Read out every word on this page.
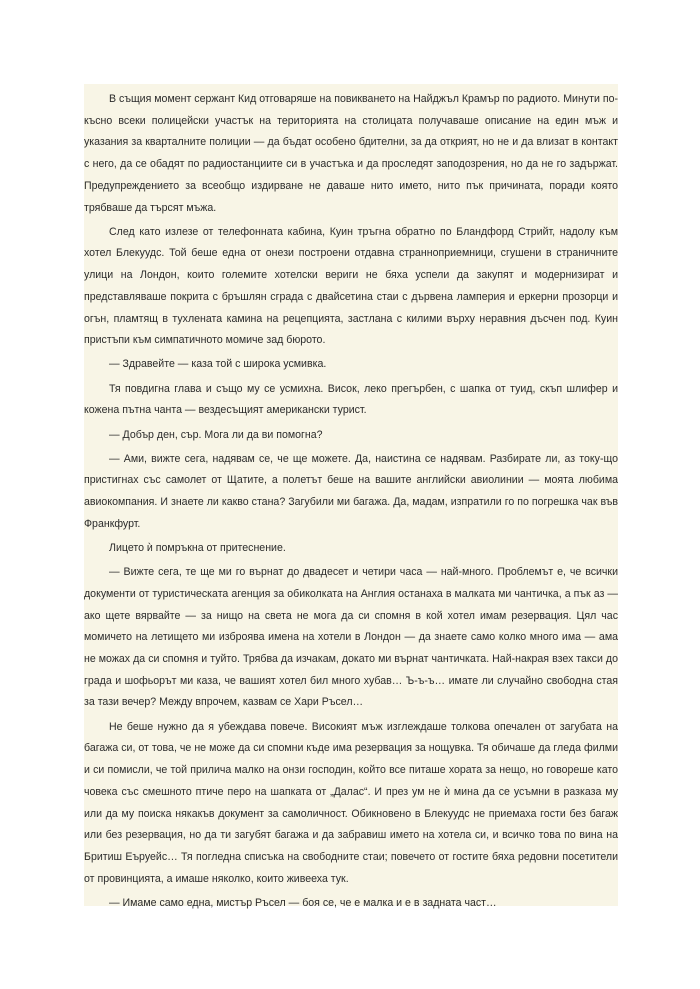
В същия момент сержант Кид отговаряше на повикването на Найджъл Крамър по радиото. Минути по-късно всеки полицейски участък на територията на столицата получаваше описание на един мъж и указания за кварталните полиции — да бъдат особено бдителни, за да открият, но не и да влизат в контакт с него, да се обадят по радиостанциите си в участъка и да проследят заподозрения, но да не го задържат. Предупреждението за всеобщо издирване не даваше нито името, нито пък причината, поради която трябваше да търсят мъжа.

След като излезе от телефонната кабина, Куин тръгна обратно по Бландфорд Стрийт, надолу към хотел Блекуудс. Той беше една от онези построени отдавна странноприемници, сгушени в страничните улици на Лондон, които големите хотелски вериги не бяха успели да закупят и модернизират и представляваше покрита с бръшлян сграда с двайсетина стаи с дървена ламперия и еркерни прозорци и огън, пламтящ в тухлената камина на рецепцията, застлана с килими върху неравния дъсчен под. Куин пристъпи към симпатичното момиче зад бюрото.

— Здравейте — каза той с широка усмивка.

Тя повдигна глава и също му се усмихна. Висок, леко прегърбен, с шапка от туид, скъп шлифер и кожена пътна чанта — вездесъщият американски турист.

— Добър ден, сър. Мога ли да ви помогна?

— Ами, вижте сега, надявам се, че ще можете. Да, наистина се надявам. Разбирате ли, аз току-що пристигнах със самолет от Щатите, а полетът беше на вашите английски авиолинии — моята любима авиокомпания. И знаете ли какво стана? Загубили ми багажа. Да, мадам, изпратили го по погрешка чак във Франкфурт.

Лицето ѝ помръкна от притеснение.

— Вижте сега, те ще ми го върнат до двадесет и четири часа — най-много. Проблемът е, че всички документи от туристическата агенция за обиколката на Англия останаха в малката ми чантичка, а пък аз — ако щете вярвайте — за нищо на света не мога да си спомня в кой хотел имам резервация. Цял час момичето на летището ми изброява имена на хотели в Лондон — да знаете само колко много има — ама не можах да си спомня и туйто. Трябва да изчакам, докато ми върнат чантичката. Най-накрая взех такси до града и шофьорът ми каза, че вашият хотел бил много хубав… Ъ-ъ-ъ… имате ли случайно свободна стая за тази вечер? Между впрочем, казвам се Хари Ръсел…

Не беше нужно да я убеждава повече. Високият мъж изглеждаше толкова опечален от загубата на багажа си, от това, че не може да си спомни къде има резервация за нощувка. Тя обичаше да гледа филми и си помисли, че той прилича малко на онзи господин, който все питаше хората за нещо, но говореше като човека със смешното птиче перо на шапката от „Далас“. И през ум не ѝ мина да се усъмни в разказа му или да му поиска някакъв документ за самоличност. Обикновено в Блекуудс не приемаха гости без багаж или без резервация, но да ти загубят багажа и да забравиш името на хотела си, и всичко това по вина на Бритиш Еъруейс… Тя погледна списъка на свободните стаи; повечето от гостите бяха редовни посетители от провинцията, а имаше няколко, които живееха тук.

— Имаме само една, мистър Ръсел — боя се, че е малка и е в задната част…
